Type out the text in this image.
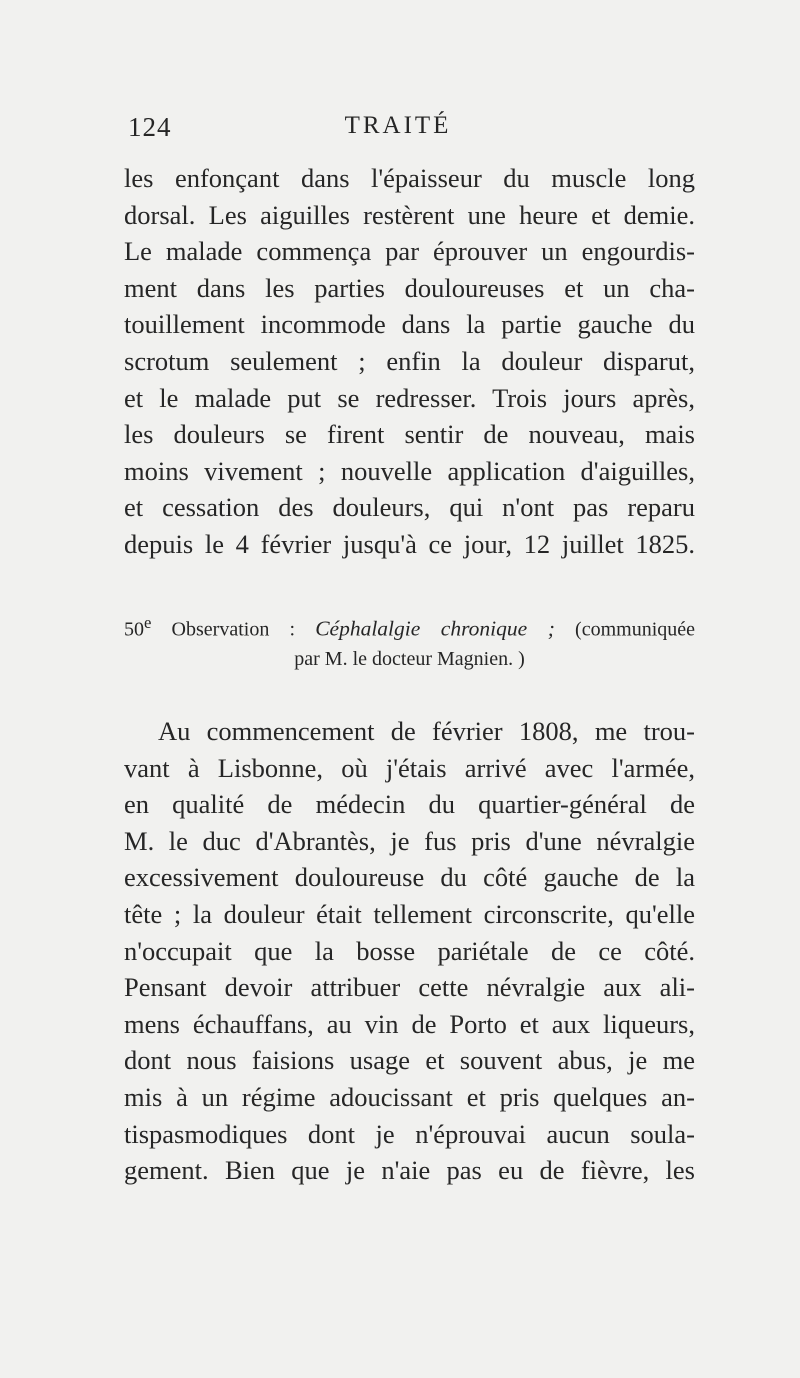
124	TRAITÉ
les enfonçant dans l'épaisseur du muscle long
dorsal. Les aiguilles restèrent une heure et demie.
Le malade commença par éprouver un engourdis-
ment dans les parties douloureuses et un cha-
touillement incommode dans la partie gauche du
scrotum seulement ; enfin la douleur disparut,
et le malade put se redresser. Trois jours après,
les douleurs se firent sentir de nouveau, mais
moins vivement ; nouvelle application d'aiguilles,
et cessation des douleurs, qui n'ont pas reparu
depuis le 4 février jusqu'à ce jour, 12 juillet 1825.
50e Observation : Céphalalgie chronique ; (communiquée
par M. le docteur Magnien. )
Au commencement de février 1808, me trou-
vant à Lisbonne, où j'étais arrivé avec l'armée,
en qualité de médecin du quartier-général de
M. le duc d'Abrantès, je fus pris d'une névralgie
excessivement douloureuse du côté gauche de la
tête ; la douleur était tellement circonscrite, qu'elle
n'occupait que la bosse pariétale de ce côté.
Pensant devoir attribuer cette névralgie aux ali-
mens échauffans, au vin de Porto et aux liqueurs,
dont nous faisions usage et souvent abus, je me
mis à un régime adoucissant et pris quelques an-
tispasmodiques dont je n'éprouvai aucun soula-
gement. Bien que je n'aie pas eu de fièvre, les
